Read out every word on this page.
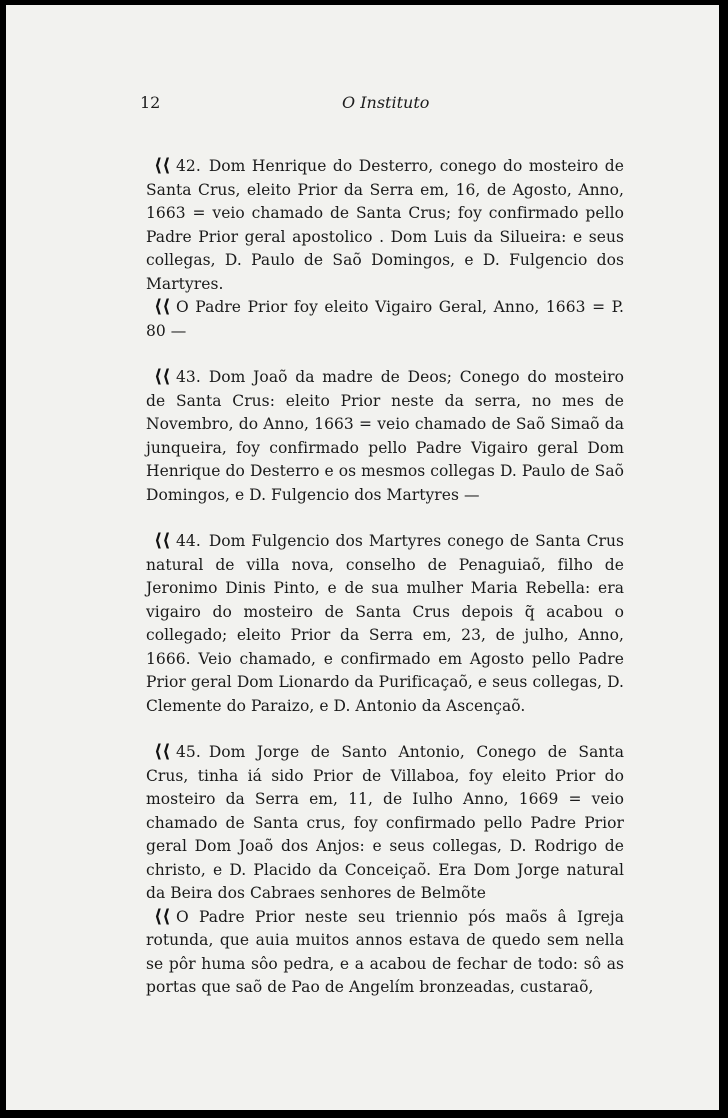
12	O Instituto

⟨⟨ 42. Dom Henrique do Desterro, conego do mosteiro de Santa Crus, eleito Prior da Serra em, 16, de Agosto, Anno, 1663 = veio chamado de Santa Crus; foy confirmado pello Padre Prior geral apostolico . Dom Luis da Silueira: e seus collegas, D. Paulo de Saõ Domingos, e D. Fulgencio dos Martyres.

⟨⟨ O Padre Prior foy eleito Vigairo Geral, Anno, 1663 = P. 80 —

⟨⟨ 43. Dom Joaõ da madre de Deos; Conego do mosteiro de Santa Crus: eleito Prior neste da serra, no mes de Novembro, do Anno, 1663 = veio chamado de Saõ Simaõ da junqueira, foy confirmado pello Padre Vigairo geral Dom Henrique do Desterro e os mesmos collegas D. Paulo de Saõ Domingos, e D. Fulgencio dos Martyres —

⟨⟨ 44. Dom Fulgencio dos Martyres conego de Santa Crus natural de villa nova, conselho de Penaguiaõ, filho de Jeronimo Dinis Pinto, e de sua mulher Maria Rebella: era vigairo do mosteiro de Santa Crus depois q̃ acabou o collegado; eleito Prior da Serra em, 23, de julho, Anno, 1666. Veio chamado, e confirmado em Agosto pello Padre Prior geral Dom Lionardo da Purificaçaõ, e seus collegas, D. Clemente do Paraizo, e D. Antonio da Ascençaõ.

⟨⟨ 45. Dom Jorge de Santo Antonio, Conego de Santa Crus, tinha iá sido Prior de Villaboa, foy eleito Prior do mosteiro da Serra em, 11, de Iulho Anno, 1669 = veio chamado de Santa crus, foy confirmado pello Padre Prior geral Dom Joaõ dos Anjos: e seus collegas, D. Rodrigo de christo, e D. Placido da Conceiçaõ. Era Dom Jorge natural da Beira dos Cabraes senhores de Belmõte

⟨⟨ O Padre Prior neste seu triennio pós maõs â Igreja rotunda, que auia muitos annos estava de quedo sem nella se pôr huma sôo pedra, e a acabou de fechar de todo: sô as portas que saõ de Pao de Angelím bronzeadas, custaraõ,
